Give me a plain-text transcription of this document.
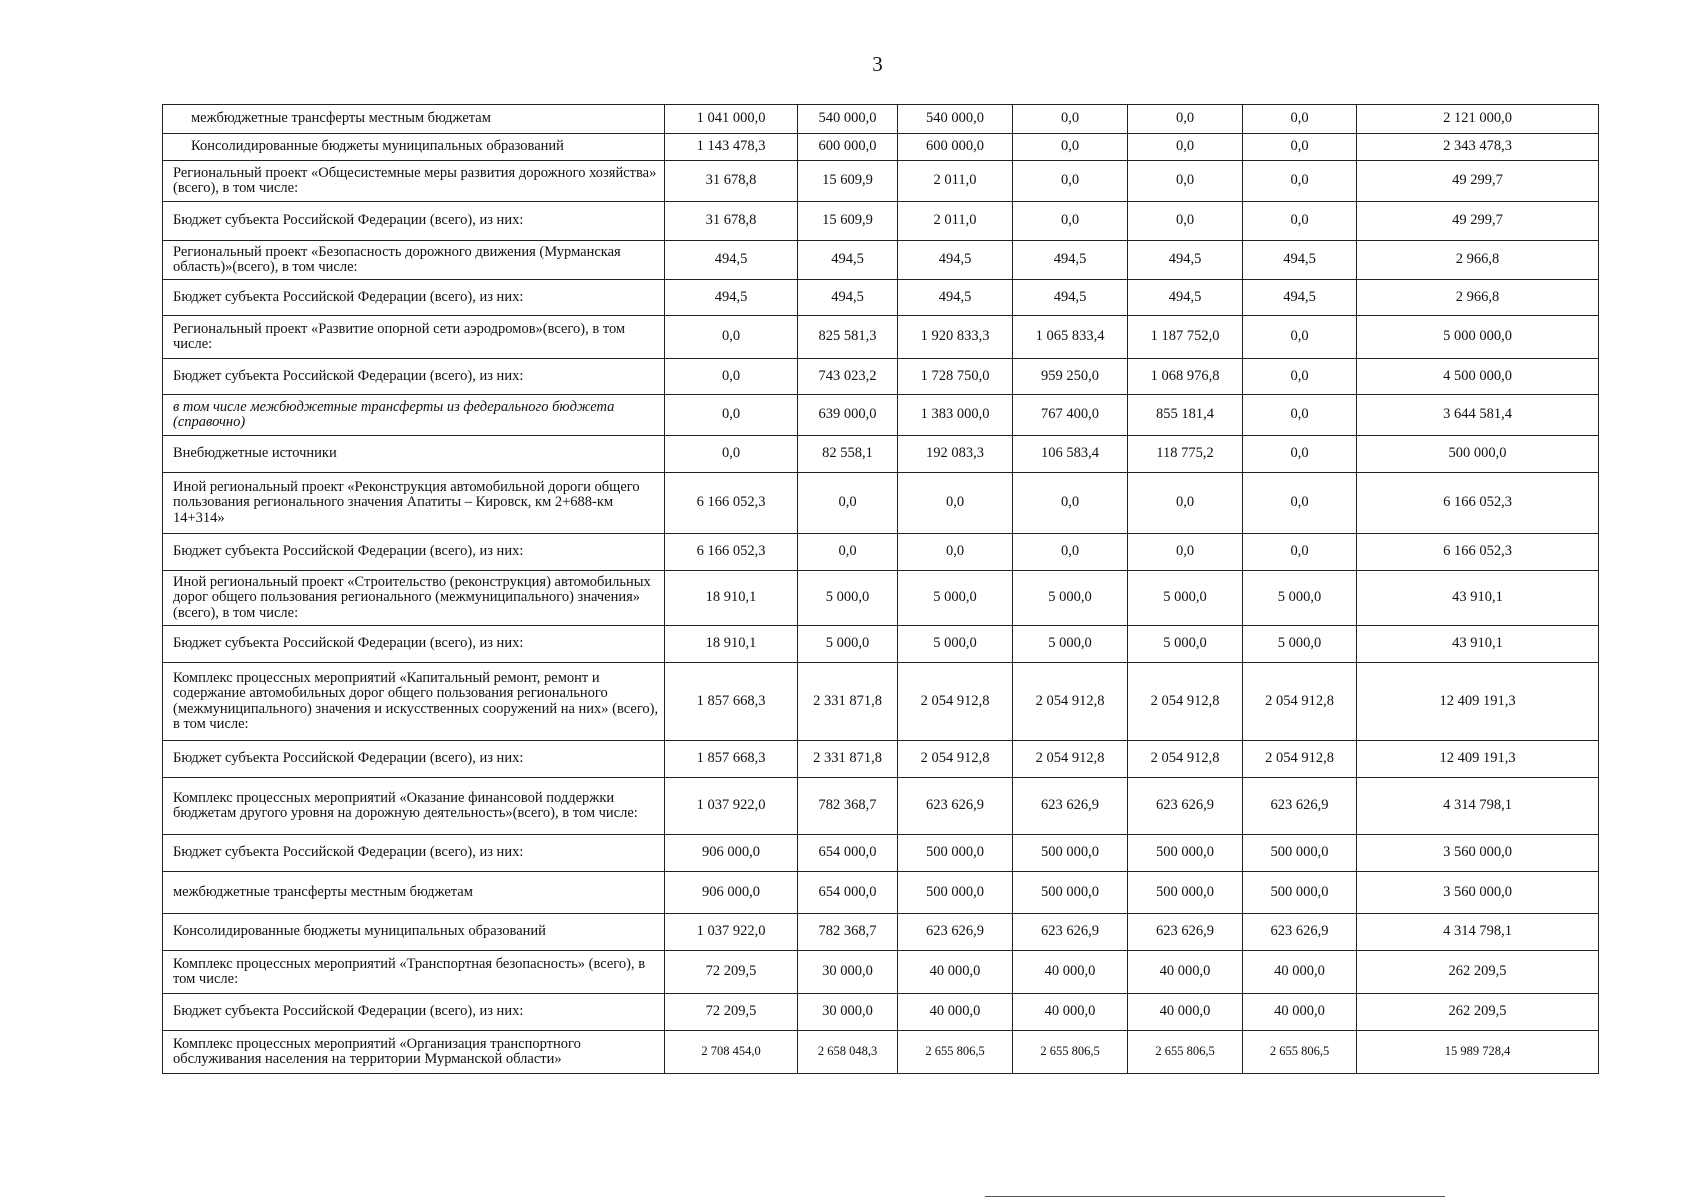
3
межбюджетные трансферты местным бюджетам	1 041 000,0	540 000,0	540 000,0	0,0	0,0	0,0	2 121 000,0
Консолидированные бюджеты муниципальных образований	1 143 478,3	600 000,0	600 000,0	0,0	0,0	0,0	2 343 478,3
Региональный проект «Общесистемные меры развития дорожного хозяйства» (всего), в том числе:	31 678,8	15 609,9	2 011,0	0,0	0,0	0,0	49 299,7
Бюджет субъекта Российской Федерации (всего), из них:	31 678,8	15 609,9	2 011,0	0,0	0,0	0,0	49 299,7
Региональный проект «Безопасность дорожного движения (Мурманская область)»(всего), в том числе:	494,5	494,5	494,5	494,5	494,5	494,5	2 966,8
Бюджет субъекта Российской Федерации (всего), из них:	494,5	494,5	494,5	494,5	494,5	494,5	2 966,8
Региональный проект «Развитие опорной сети аэродромов»(всего), в том числе:	0,0	825 581,3	1 920 833,3	1 065 833,4	1 187 752,0	0,0	5 000 000,0
Бюджет субъекта Российской Федерации (всего), из них:	0,0	743 023,2	1 728 750,0	959 250,0	1 068 976,8	0,0	4 500 000,0
в том числе межбюджетные трансферты из федерального бюджета (справочно)	0,0	639 000,0	1 383 000,0	767 400,0	855 181,4	0,0	3 644 581,4
Внебюджетные источники	0,0	82 558,1	192 083,3	106 583,4	118 775,2	0,0	500 000,0
Иной региональный проект «Реконструкция автомобильной дороги общего пользования регионального значения Апатиты – Кировск, км 2+688-км 14+314»	6 166 052,3	0,0	0,0	0,0	0,0	0,0	6 166 052,3
Бюджет субъекта Российской Федерации (всего), из них:	6 166 052,3	0,0	0,0	0,0	0,0	0,0	6 166 052,3
Иной региональный проект «Строительство (реконструкция) автомобильных дорог общего пользования регионального (межмуниципального) значения» (всего), в том числе:	18 910,1	5 000,0	5 000,0	5 000,0	5 000,0	5 000,0	43 910,1
Бюджет субъекта Российской Федерации (всего), из них:	18 910,1	5 000,0	5 000,0	5 000,0	5 000,0	5 000,0	43 910,1
Комплекс процессных мероприятий «Капитальный ремонт, ремонт и содержание автомобильных дорог общего пользования регионального (межмуниципального) значения и искусственных сооружений на них» (всего), в том числе:	1 857 668,3	2 331 871,8	2 054 912,8	2 054 912,8	2 054 912,8	2 054 912,8	12 409 191,3
Бюджет субъекта Российской Федерации (всего), из них:	1 857 668,3	2 331 871,8	2 054 912,8	2 054 912,8	2 054 912,8	2 054 912,8	12 409 191,3
Комплекс процессных мероприятий «Оказание финансовой поддержки бюджетам другого уровня на дорожную деятельность»(всего), в том числе:	1 037 922,0	782 368,7	623 626,9	623 626,9	623 626,9	623 626,9	4 314 798,1
Бюджет субъекта Российской Федерации (всего), из них:	906 000,0	654 000,0	500 000,0	500 000,0	500 000,0	500 000,0	3 560 000,0
межбюджетные трансферты местным бюджетам	906 000,0	654 000,0	500 000,0	500 000,0	500 000,0	500 000,0	3 560 000,0
Консолидированные бюджеты муниципальных образований	1 037 922,0	782 368,7	623 626,9	623 626,9	623 626,9	623 626,9	4 314 798,1
Комплекс процессных мероприятий «Транспортная безопасность» (всего), в том числе:	72 209,5	30 000,0	40 000,0	40 000,0	40 000,0	40 000,0	262 209,5
Бюджет субъекта Российской Федерации (всего), из них:	72 209,5	30 000,0	40 000,0	40 000,0	40 000,0	40 000,0	262 209,5
Комплекс процессных мероприятий «Организация транспортного обслуживания населения на территории Мурманской области»	2 708 454,0	2 658 048,3	2 655 806,5	2 655 806,5	2 655 806,5	2 655 806,5	15 989 728,4
